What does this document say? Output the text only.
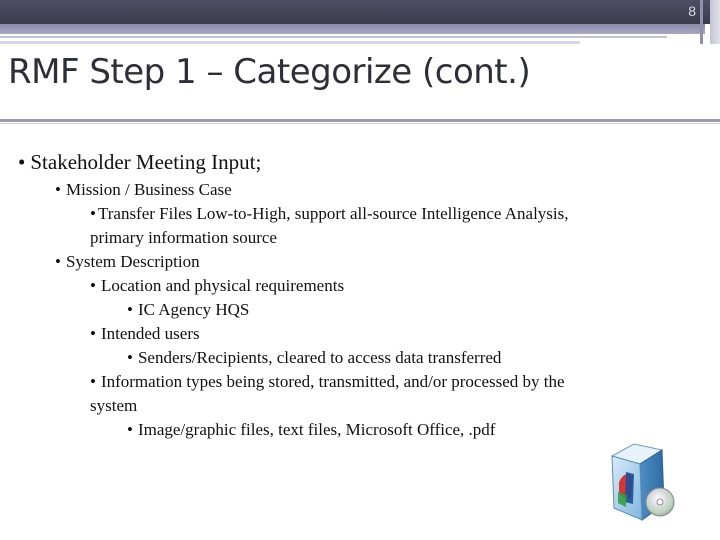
8
RMF Step 1 – Categorize (cont.)
• Stakeholder Meeting Input;
• Mission / Business Case
• Transfer Files Low-to-High, support all-source Intelligence Analysis,
primary information source
• System Description
• Location and physical requirements
• IC Agency HQS
• Intended users
• Senders/Recipients, cleared to access data transferred
• Information types being stored, transmitted, and/or processed by the
system
• Image/graphic files, text files, Microsoft Office, .pdf
